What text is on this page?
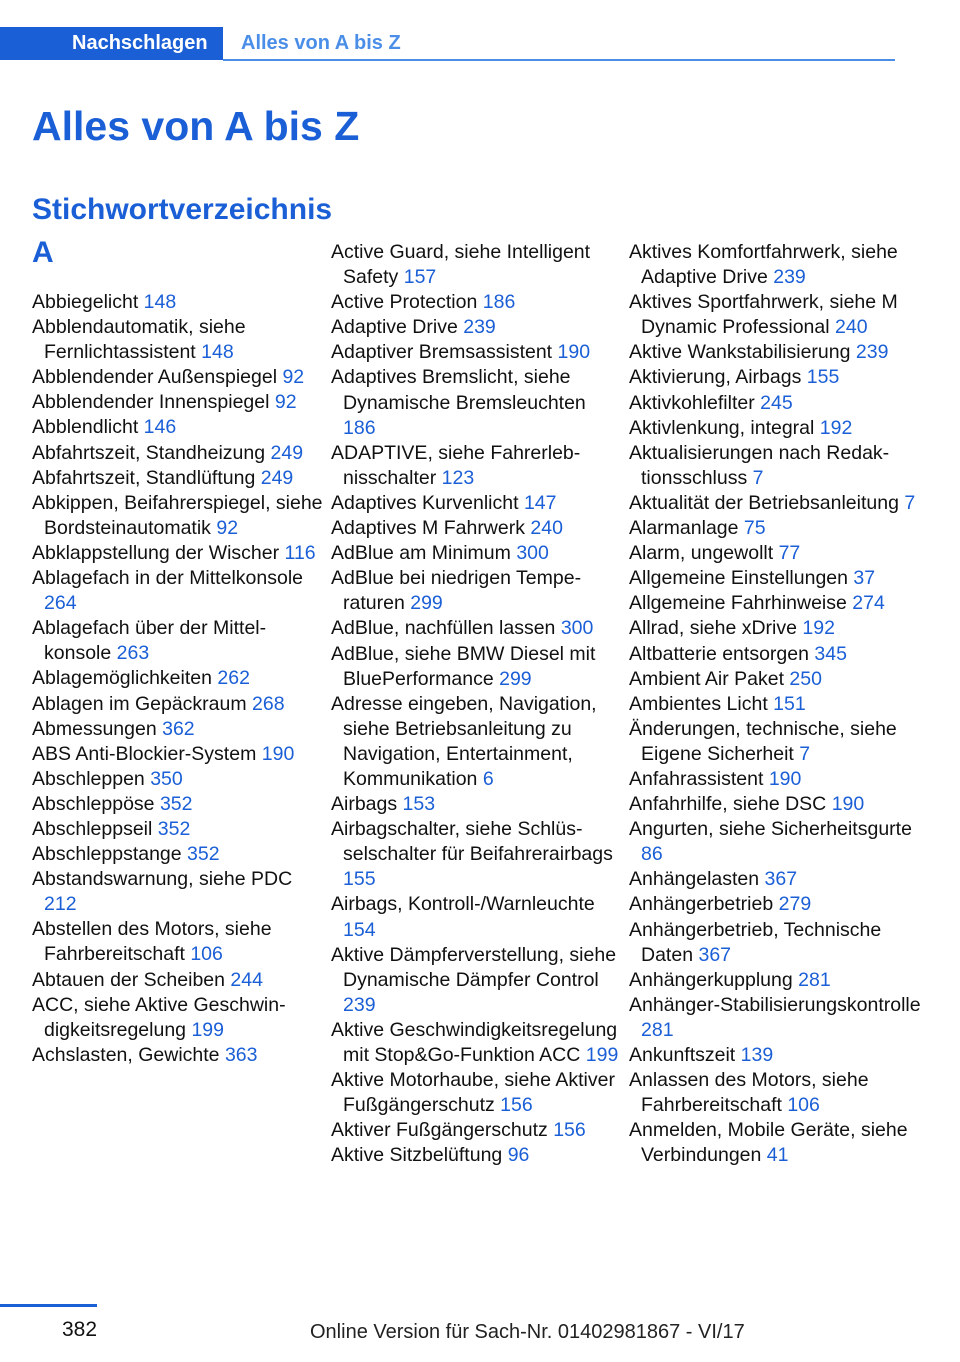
Nachschlagen	Alles von A bis Z
Alles von A bis Z
Stichwortverzeichnis
A
Abbiegelicht 148
Abblendautomatik, siehe Fernlichtassistent 148
Abblendender Außenspiegel 92
Abblendender Innenspiegel 92
Abblendlicht 146
Abfahrtszeit, Standheizung 249
Abfahrtszeit, Standlüftung 249
Abkippen, Beifahrerspiegel, siehe Bordsteinautomatik 92
Abklappstellung der Wischer 116
Ablagefach in der Mittelkonsole 264
Ablagefach über der Mittelkonsole 263
Ablagemöglichkeiten 262
Ablagen im Gepäckraum 268
Abmessungen 362
ABS Anti-Blockier-System 190
Abschleppen 350
Abschleppöse 352
Abschleppseil 352
Abschleppstange 352
Abstandswarnung, siehe PDC 212
Abstellen des Motors, siehe Fahrbereitschaft 106
Abtauen der Scheiben 244
ACC, siehe Aktive Geschwindigkeitsregelung 199
Achslasten, Gewichte 363
Active Guard, siehe Intelligent Safety 157
Active Protection 186
Adaptive Drive 239
Adaptiver Bremsassistent 190
Adaptives Bremslicht, siehe Dynamische Bremsleuchten 186
ADAPTIVE, siehe Fahrerlebnisschalter 123
Adaptives Kurvenlicht 147
Adaptives M Fahrwerk 240
AdBlue am Minimum 300
AdBlue bei niedrigen Temperaturen 299
AdBlue, nachfüllen lassen 300
AdBlue, siehe BMW Diesel mit BluePerformance 299
Adresse eingeben, Navigation, siehe Betriebsanleitung zu Navigation, Entertainment, Kommunikation 6
Airbags 153
Airbagschalter, siehe Schlüsselschalter für Beifahrerairbags 155
Airbags, Kontroll-/Warnleuchte 154
Aktive Dämpferverstellung, siehe Dynamische Dämpfer Control 239
Aktive Geschwindigkeitsregelung mit Stop&Go-Funktion ACC 199
Aktive Motorhaube, siehe Aktiver Fußgängerschutz 156
Aktiver Fußgängerschutz 156
Aktive Sitzbelüftung 96
Aktives Komfortfahrwerk, siehe Adaptive Drive 239
Aktives Sportfahrwerk, siehe M Dynamic Professional 240
Aktive Wankstabilisierung 239
Aktivierung, Airbags 155
Aktivkohlefilter 245
Aktivlenkung, integral 192
Aktualisierungen nach Redaktionsschluss 7
Aktualität der Betriebsanleitung 7
Alarmanlage 75
Alarm, ungewollt 77
Allgemeine Einstellungen 37
Allgemeine Fahrhinweise 274
Allrad, siehe xDrive 192
Altbatterie entsorgen 345
Ambient Air Paket 250
Ambientes Licht 151
Änderungen, technische, siehe Eigene Sicherheit 7
Anfahrassistent 190
Anfahrhilfe, siehe DSC 190
Angurten, siehe Sicherheitsgurte 86
Anhängelasten 367
Anhängerbetrieb 279
Anhängerbetrieb, Technische Daten 367
Anhängerkupplung 281
Anhänger-Stabilisierungskontrolle 281
Ankunftszeit 139
Anlassen des Motors, siehe Fahrbereitschaft 106
Anmelden, Mobile Geräte, siehe Verbindungen 41
382	Online Version für Sach-Nr. 01402981867 - VI/17
